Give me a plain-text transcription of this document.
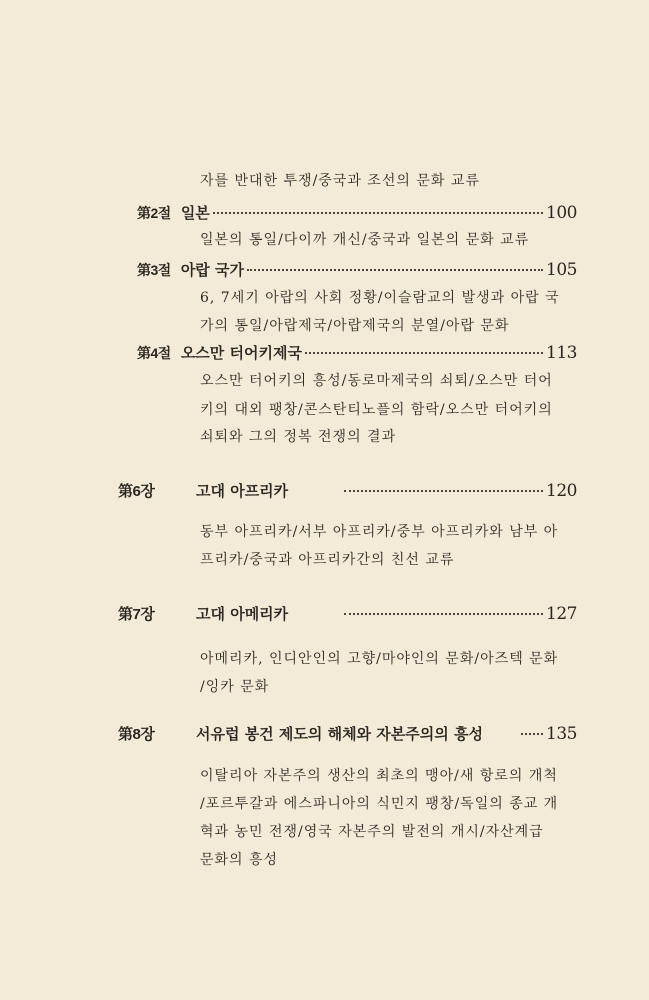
자를 반대한 투쟁/중국과 조선의 문화 교류
第2절 일본	100
일본의 통일/다이까 개신/중국과 일본의 문화 교류
第3절 아랍 국가	105
6, 7세기 아랍의 사회 정황/이슬람교의 발생과 아랍 국
가의 통일/아랍제국/아랍제국의 분열/아랍 문화
第4절 오스만 터어키제국	113
오스만 터어키의 흥성/동로마제국의 쇠퇴/오스만 터어
키의 대외 팽창/콘스탄티노플의 함락/오스만 터어키의
쇠퇴와 그의 정복 전쟁의 결과
第6장	고대 아프리카	120
동부 아프리카/서부 아프리카/중부 아프리카와 남부 아
프리카/중국과 아프리카간의 친선 교류
第7장	고대 아메리카	127
아메리카, 인디안인의 고향/마야인의 문화/아즈텍 문화
/잉카 문화
第8장	서유럽 봉건 제도의 해체와 자본주의의 흥성	135
이탈리아 자본주의 생산의 최초의 맹아/새 항로의 개척
/포르투갈과 에스파니아의 식민지 팽창/독일의 종교 개
혁과 농민 전쟁/영국 자본주의 발전의 개시/자산계급
문화의 흥성
